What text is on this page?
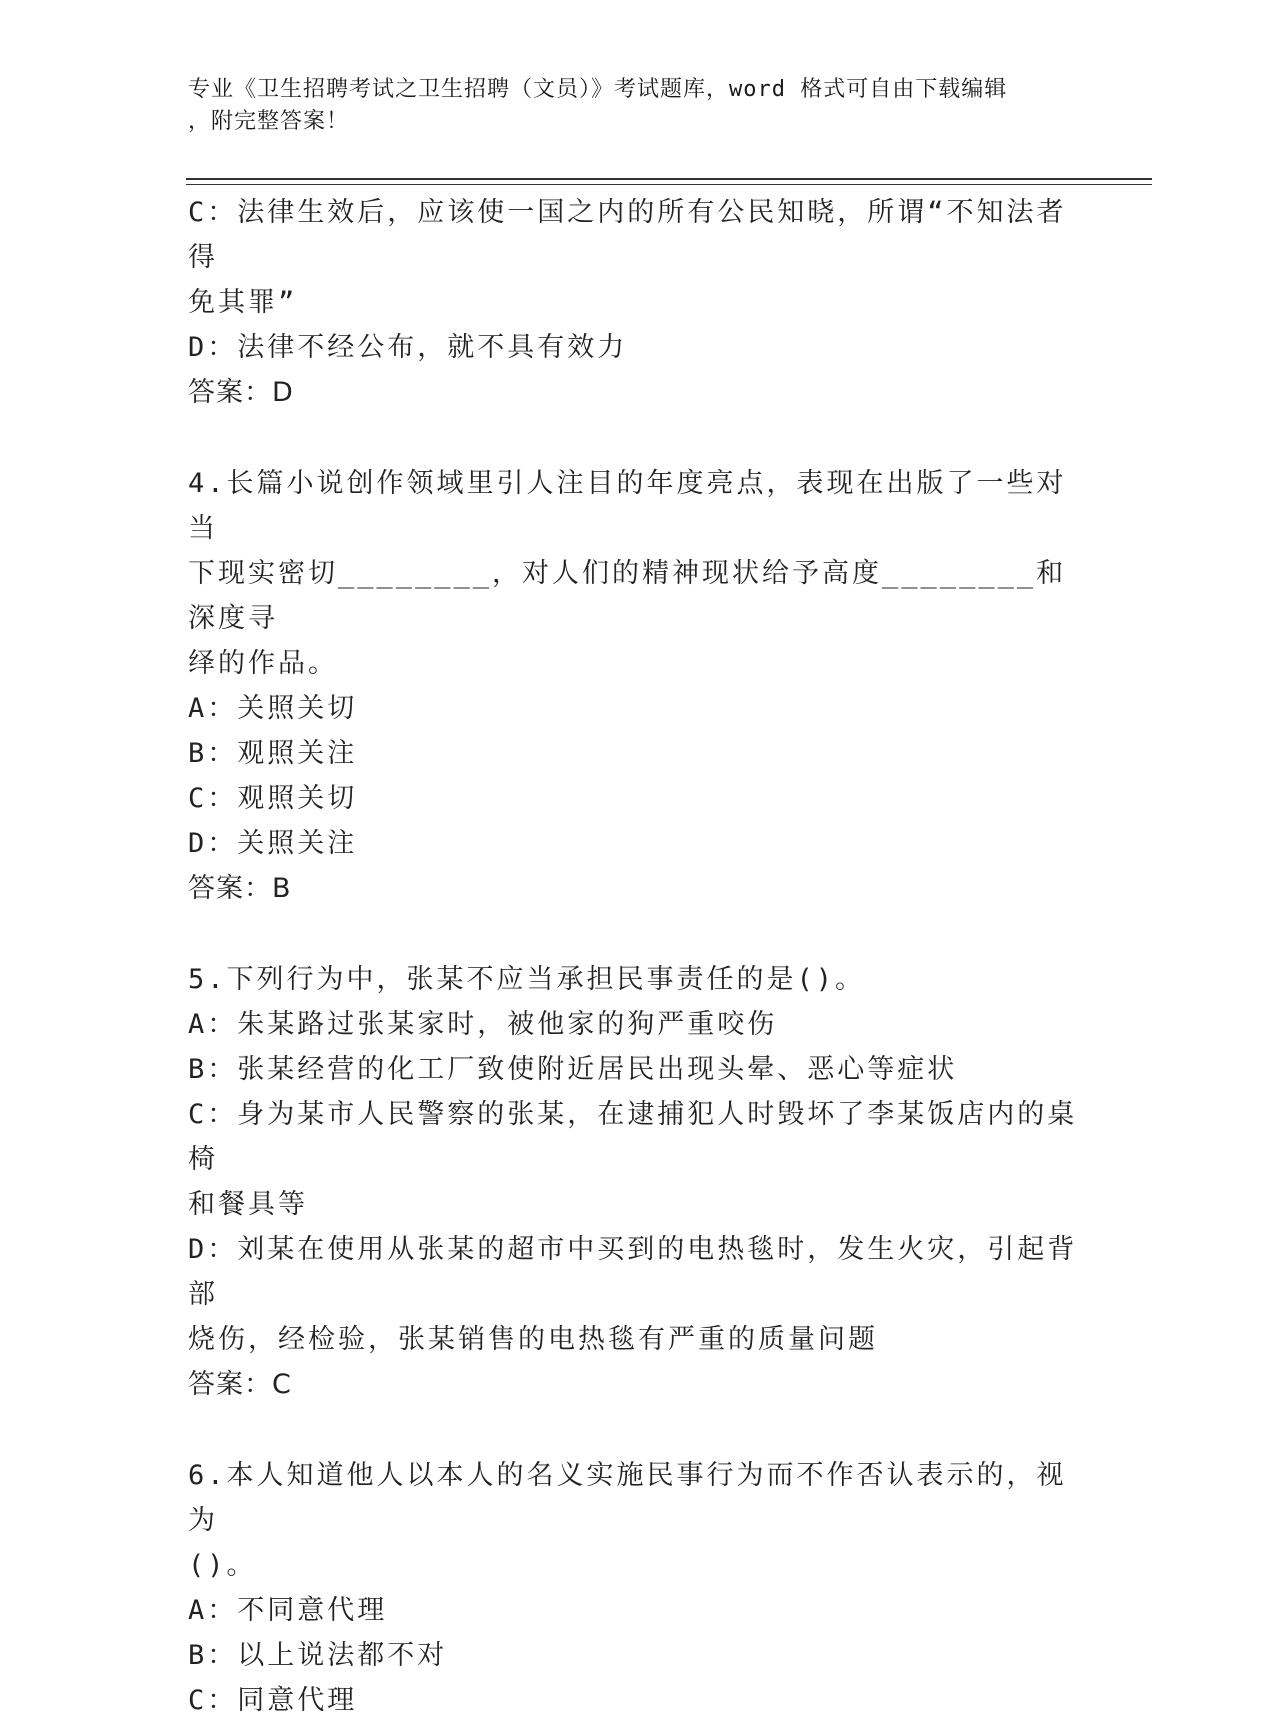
专业《卫生招聘考试之卫生招聘（文员）》考试题库，word 格式可自由下载编辑
，附完整答案！

C：法律生效后，应该使一国之内的所有公民知晓，所谓“不知法者得

免其罪”

D：法律不经公布，就不具有效力

答案：D

4.长篇小说创作领域里引人注目的年度亮点，表现在出版了一些对当

下现实密切________，对人们的精神现状给予高度________和深度寻

绎的作品。

A：关照关切

B：观照关注

C：观照关切

D：关照关注

答案：B

5.下列行为中，张某不应当承担民事责任的是()。

A：朱某路过张某家时，被他家的狗严重咬伤

B：张某经营的化工厂致使附近居民出现头晕、恶心等症状

C：身为某市人民警察的张某，在逮捕犯人时毁坏了李某饭店内的桌椅

和餐具等

D：刘某在使用从张某的超市中买到的电热毯时，发生火灾，引起背部

烧伤，经检验，张某销售的电热毯有严重的质量问题

答案：C

6.本人知道他人以本人的名义实施民事行为而不作否认表示的，视为

()。

A：不同意代理

B：以上说法都不对

C：同意代理
